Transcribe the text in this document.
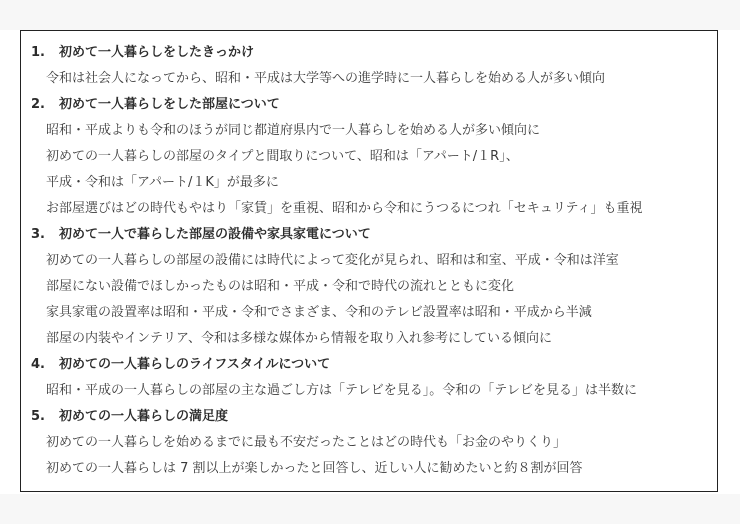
1. 初めて一人暮らしをしたきっかけ
令和は社会人になってから、昭和・平成は大学等への進学時に一人暮らしを始める人が多い傾向
2. 初めて一人暮らしをした部屋について
昭和・平成よりも令和のほうが同じ都道府県内で一人暮らしを始める人が多い傾向に
初めての一人暮らしの部屋のタイプと間取りについて、昭和は「アパート/１R」、
平成・令和は「アパート/１K」が最多に
お部屋選びはどの時代もやはり「家賃」を重視、昭和から令和にうつるにつれ「セキュリティ」も重視
3. 初めて一人で暮らした部屋の設備や家具家電について
初めての一人暮らしの部屋の設備には時代によって変化が見られ、昭和は和室、平成・令和は洋室
部屋にない設備でほしかったものは昭和・平成・令和で時代の流れとともに変化
家具家電の設置率は昭和・平成・令和でさまざま、令和のテレビ設置率は昭和・平成から半減
部屋の内装やインテリア、令和は多様な媒体から情報を取り入れ参考にしている傾向に
4. 初めての一人暮らしのライフスタイルについて
昭和・平成の一人暮らしの部屋の主な過ごし方は「テレビを見る」。令和の「テレビを見る」は半数に
5. 初めての一人暮らしの満足度
初めての一人暮らしを始めるまでに最も不安だったことはどの時代も「お金のやりくり」
初めての一人暮らしは 7 割以上が楽しかったと回答し、近しい人に勧めたいと約８割が回答
